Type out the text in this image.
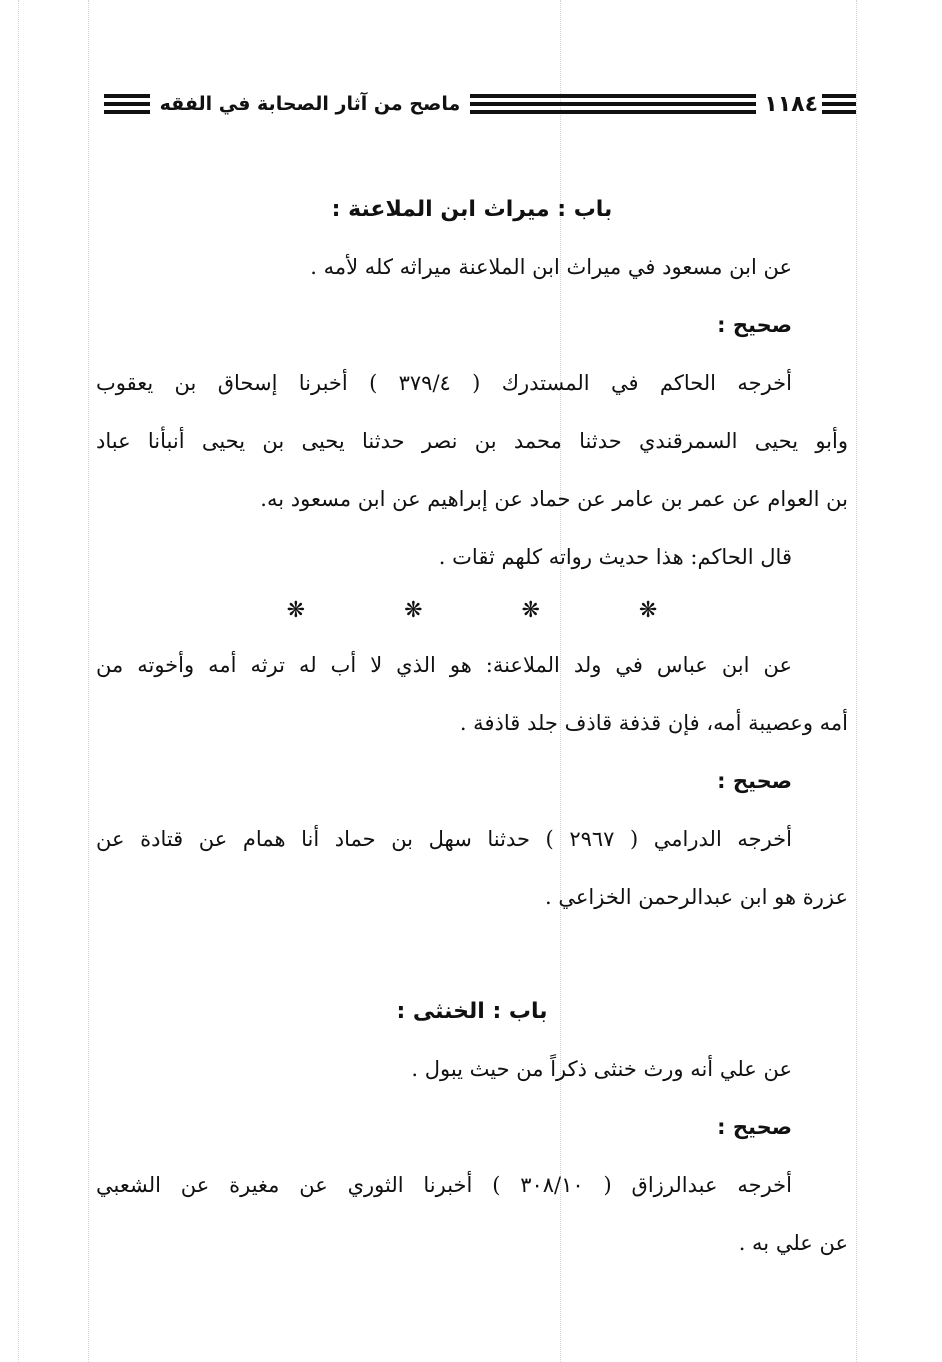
١١٨٤
ماصح من آثار الصحابة في الفقه
باب : ميراث ابن الملاعنة :
عن ابن مسعود في ميراث ابن الملاعنة ميراثه كله لأمه .
صحيح :
أخرجه الحاكم في المستدرك ( ٣٧٩/٤ ) أخبرنا إسحاق بن يعقوب
وأبو يحيى السمرقندي حدثنا محمد بن نصر حدثنا يحيى بن يحيى أنبأنا عباد
بن العوام عن عمر بن عامر عن حماد عن إبراهيم عن ابن مسعود به.
قال الحاكم: هذا حديث رواته كلهم ثقات .
❋ ❋ ❋ ❋
عن ابن عباس في ولد الملاعنة: هو الذي لا أب له ترثه أمه وأخوته من
أمه وعصيبة أمه، فإن قذفة قاذف جلد قاذفة .
صحيح :
أخرجه الدرامي ( ٢٩٦٧ ) حدثنا سهل بن حماد أنا همام عن قتادة عن
عزرة هو ابن عبدالرحمن الخزاعي .
باب : الخنثى :
عن علي أنه ورث خنثى ذكراً من حيث يبول .
صحيح :
أخرجه عبدالرزاق ( ٣٠٨/١٠ ) أخبرنا الثوري عن مغيرة عن الشعبي
عن علي به .
